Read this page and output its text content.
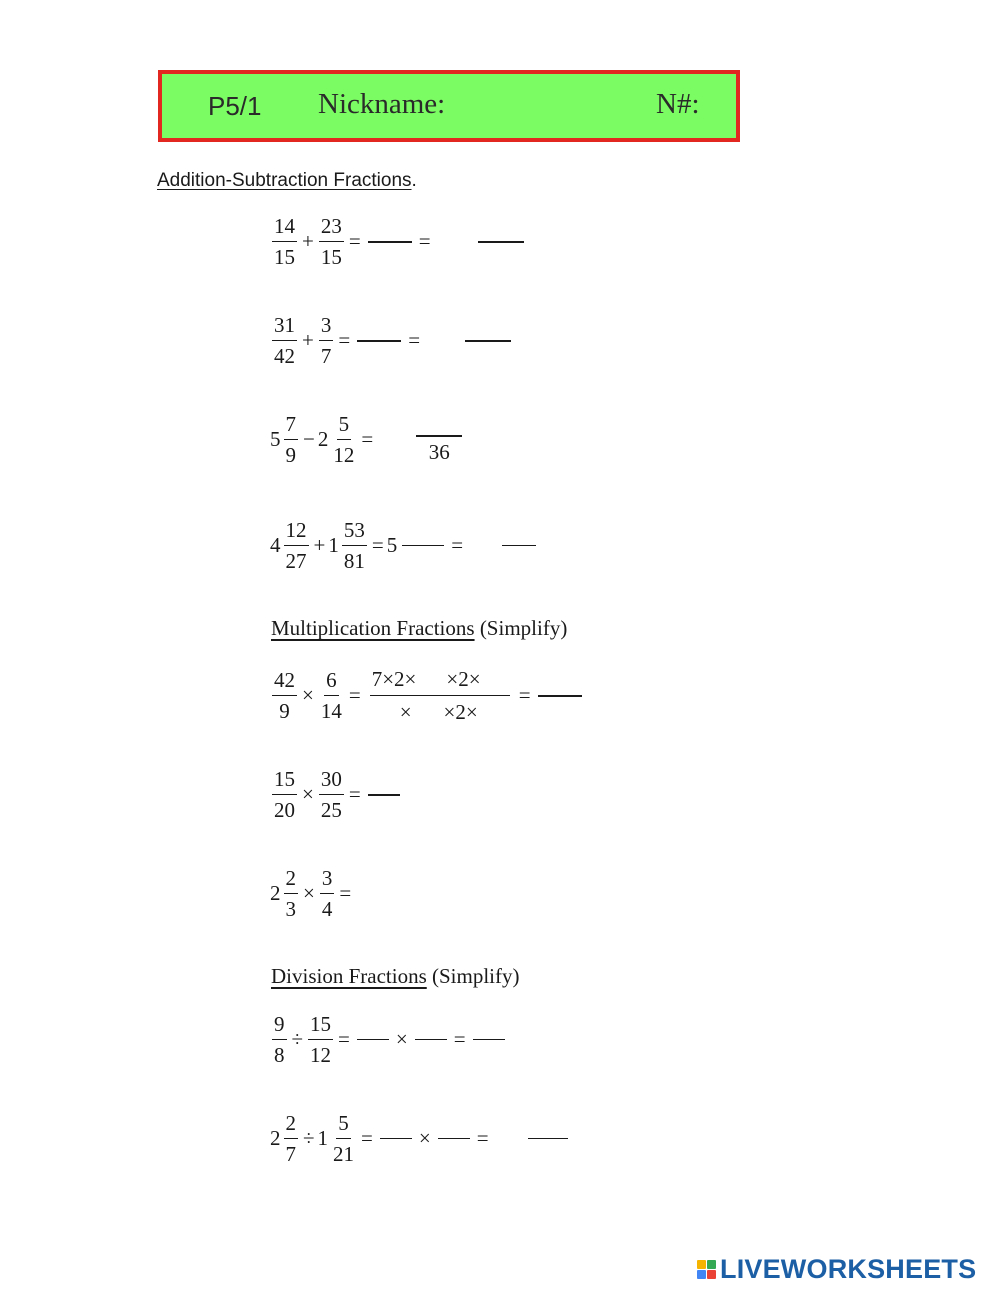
P5/1 Nickname:	N#:
Addition-Subtraction Fractions.
$\frac{14}{15} + \frac{23}{15}$ =	=
$\frac{31}{42} + \frac{3}{7}$ =	=
$5 \frac{7}{9} - 2 \frac{5}{12}$ =
36
$4 \frac{12}{27} + 1 \frac{53}{81} = 5$	=
Multiplication Fractions (Simplify)
$\frac{42}{9} \times \frac{6}{14} = \frac{7\times 2\times \times 2\times}{\times \times 2\times}$ =
$\frac{15}{20} \times \frac{30}{25}$ =
$2 \frac{2}{3} \times \frac{3}{4}$ =
Division Fractions (Simplify)
$\frac{9}{8} \div \frac{15}{12}$ = × =
$2 \frac{2}{7} \div 1 \frac{5}{21}$ = × =
LIVEWORKSHEETS
